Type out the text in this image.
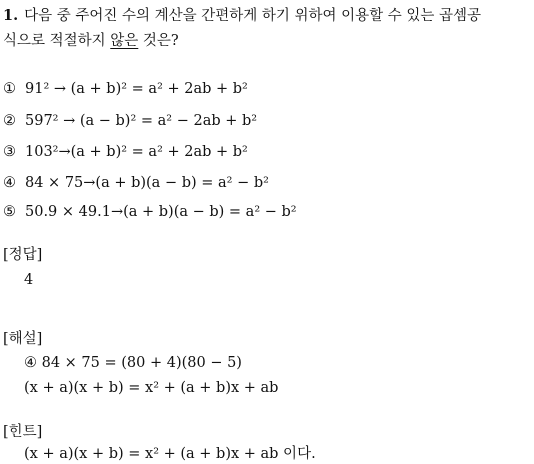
1. 다음 중 주어진 수의 계산을 간편하게 하기 위하여 이용할 수 있는 곱셈공
식으로 적절하지 않은 것은?
① 91² → (a + b)² = a² + 2ab + b²
② 597² → (a − b)² = a² − 2ab + b²
③ 103²→(a + b)² = a² + 2ab + b²
④ 84 × 75→(a + b)(a − b) = a² − b²
⑤ 50.9 × 49.1→(a + b)(a − b) = a² − b²
[정답]
4
[해설]
④ 84 × 75 = (80 + 4)(80 − 5)
(x + a)(x + b) = x² + (a + b)x + ab
[힌트]
(x + a)(x + b) = x² + (a + b)x + ab 이다.
